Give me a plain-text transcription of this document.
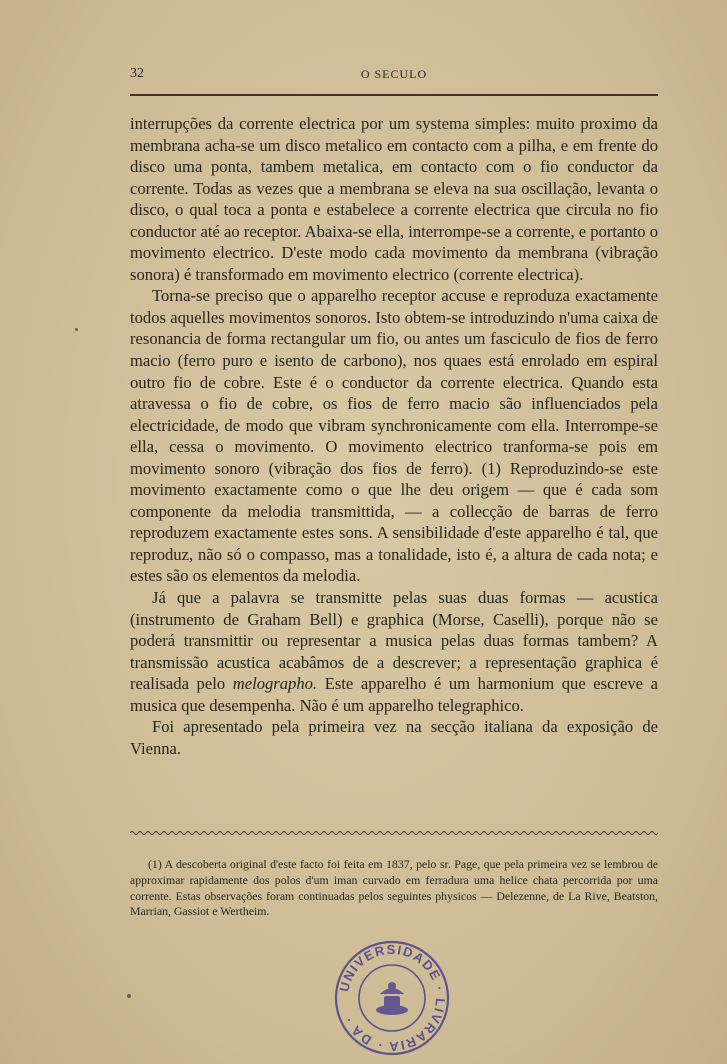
32	O SECULO

interrupções da corrente electrica por um systema simples: muito proximo da membrana acha-se um disco metalico em contacto com a pilha, e em frente do disco uma ponta, tambem metalica, em contacto com o fio conductor da corrente. Todas as vezes que a membrana se eleva na sua oscillação, levanta o disco, o qual toca a ponta e estabelece a corrente electrica que circula no fio conductor até ao receptor. Abaixa-se ella, interrompe-se a corrente, e portanto o movimento electrico. D'este modo cada movimento da membrana (vibração sonora) é transformado em movimento electrico (corrente electrica).

Torna-se preciso que o apparelho receptor accuse e reproduza exactamente todos aquelles movimentos sonoros. Isto obtem-se introduzindo n'uma caixa de resonancia de forma rectangular um fio, ou antes um fasciculo de fios de ferro macio (ferro puro e isento de carbono), nos quaes está enrolado em espiral outro fio de cobre. Este é o conductor da corrente electrica. Quando esta atravessa o fio de cobre, os fios de ferro macio são influenciados pela electricidade, de modo que vibram synchronicamente com ella. Interrompe-se ella, cessa o movimento. O movimento electrico tranforma-se pois em movimento sonoro (vibração dos fios de ferro). (1) Reproduzindo-se este movimento exactamente como o que lhe deu origem — que é cada som componente da melodia transmittida, — a collecção de barras de ferro reproduzem exactamente estes sons. A sensibilidade d'este apparelho é tal, que reproduz, não só o compasso, mas a tonalidade, isto é, a altura de cada nota; e estes são os elementos da melodia.

Já que a palavra se transmitte pelas suas duas formas — acustica (instrumento de Graham Bell) e graphica (Morse, Caselli), porque não se poderá transmittir ou representar a musica pelas duas formas tambem? A transmissão acustica acabâmos de a descrever; a representação graphica é realisada pelo melographo. Este apparelho é um harmonium que escreve a musica que desempenha. Não é um apparelho telegraphico.

Foi apresentado pela primeira vez na secção italiana da exposição de Vienna.

(1) A descoberta original d'este facto foi feita em 1837, pelo sr. Page, que pela primeira vez se lembrou de approximar rapidamente dos polos d'um iman curvado em ferradura uma helice chata percorrida por uma corrente. Estas observações foram continuadas pelos seguintes physicos — Delezenne, de La Rive, Beatston, Marrian, Gassiot e Wertheim.
UNIVERSIDADE · LIVRARIA · DA ·
